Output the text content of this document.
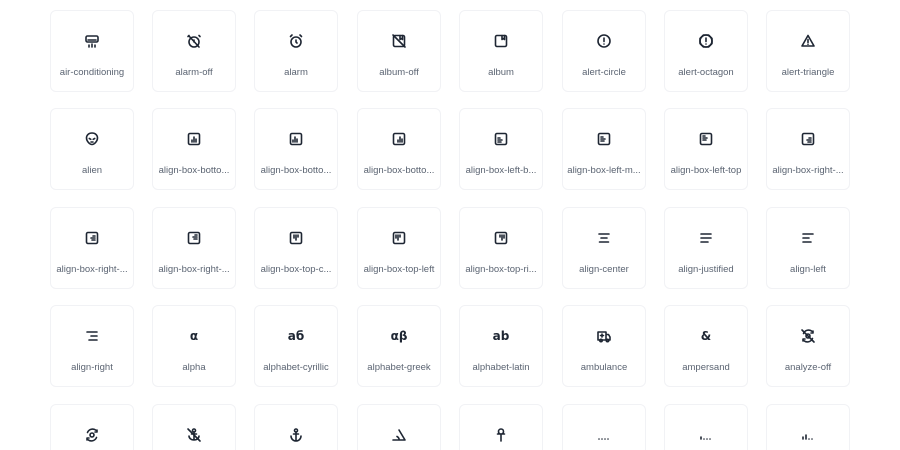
air-conditioning	alarm-off	alarm	album-off	album	alert-circle	alert-octagon	alert-triangle
alien	align-box-botto...	align-box-botto...	align-box-botto...	align-box-left-b...	align-box-left-m...	align-box-left-top	align-box-right-...
align-box-right-...	align-box-right-...	align-box-top-c...	align-box-top-left	align-box-top-ri...	align-center	align-justified	align-left
align-right
α
alpha
аб
alphabet-cyrillic
αβ
alphabet-greek
ab
alphabet-latin	ambulance
&
ampersand	analyze-off
